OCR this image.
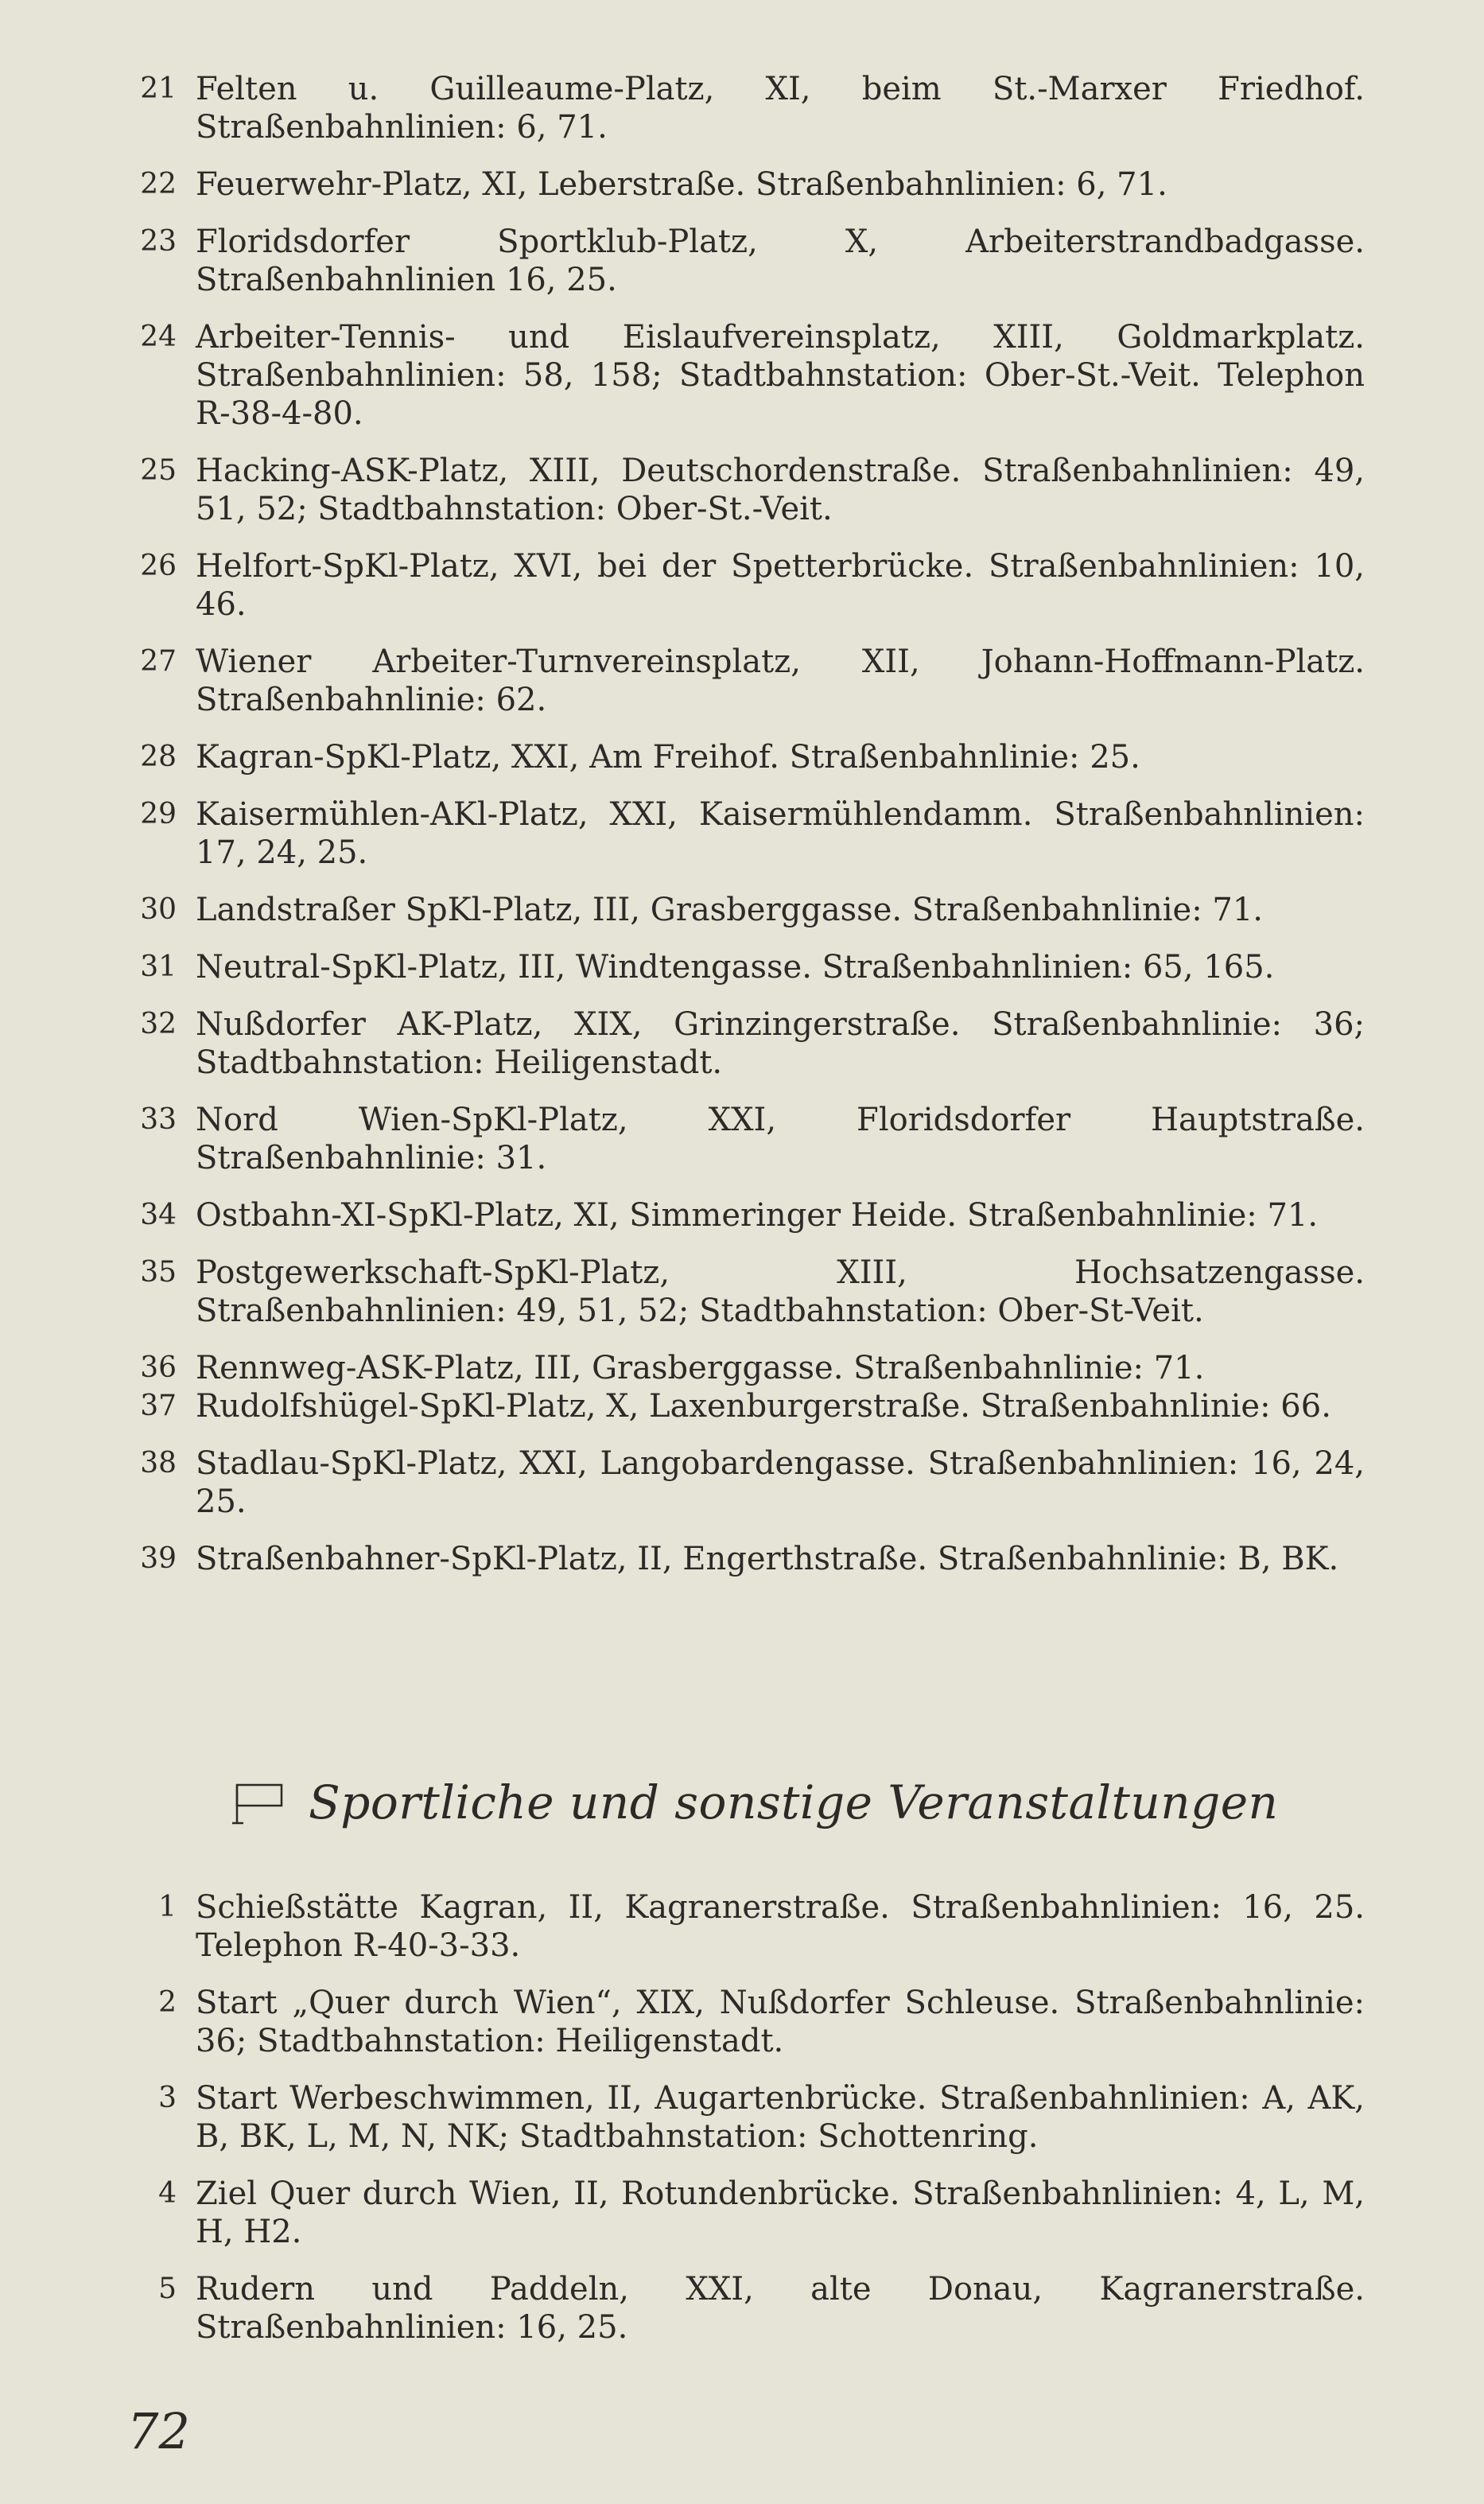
21 Felten u. Guilleaume-Platz, XI, beim St.-Marxer Friedhof. Straßenbahnlinien: 6, 71.
22 Feuerwehr-Platz, XI, Leberstraße. Straßenbahnlinien: 6, 71.
23 Floridsdorfer Sportklub-Platz, X, Arbeiterstrandbadgasse. Straßenbahnlinien 16, 25.
24 Arbeiter-Tennis- und Eislaufvereinsplatz, XIII, Goldmarkplatz. Straßenbahnlinien: 58, 158; Stadtbahnstation: Ober-St.-Veit. Telephon R-38-4-80.
25 Hacking-ASK-Platz, XIII, Deutschordenstraße. Straßenbahnlinien: 49, 51, 52; Stadtbahnstation: Ober-St.-Veit.
26 Helfort-SpKl-Platz, XVI, bei der Spetterbrücke. Straßenbahnlinien: 10, 46.
27 Wiener Arbeiter-Turnvereinsplatz, XII, Johann-Hoffmann-Platz. Straßenbahnlinie: 62.
28 Kagran-SpKl-Platz, XXI, Am Freihof. Straßenbahnlinie: 25.
29 Kaisermühlen-AKl-Platz, XXI, Kaisermühlendamm. Straßenbahnlinien: 17, 24, 25.
30 Landstraßer SpKl-Platz, III, Grasberggasse. Straßenbahnlinie: 71.
31 Neutral-SpKl-Platz, III, Windtengasse. Straßenbahnlinien: 65, 165.
32 Nußdorfer AK-Platz, XIX, Grinzingerstraße. Straßenbahnlinie: 36; Stadtbahnstation: Heiligenstadt.
33 Nord Wien-SpKl-Platz, XXI, Floridsdorfer Hauptstraße. Straßenbahnlinie: 31.
34 Ostbahn-XI-SpKl-Platz, XI, Simmeringer Heide. Straßenbahnlinie: 71.
35 Postgewerkschaft-SpKl-Platz, XIII, Hochsatzengasse. Straßenbahnlinien: 49, 51, 52; Stadtbahnstation: Ober-St-Veit.
36 Rennweg-ASK-Platz, III, Grasberggasse. Straßenbahnlinie: 71.
37 Rudolfshügel-SpKl-Platz, X, Laxenburgerstraße. Straßenbahnlinie: 66.
38 Stadlau-SpKl-Platz, XXI, Langobardengasse. Straßenbahnlinien: 16, 24, 25.
39 Straßenbahner-SpKl-Platz, II, Engerthstraße. Straßenbahnlinie: B, BK.
Sportliche und sonstige Veranstaltungen
1 Schießstätte Kagran, II, Kagranerstraße. Straßenbahnlinien: 16, 25. Telephon R-40-3-33.
2 Start „Quer durch Wien“, XIX, Nußdorfer Schleuse. Straßenbahnlinie: 36; Stadtbahnstation: Heiligenstadt.
3 Start Werbeschwimmen, II, Augartenbrücke. Straßenbahnlinien: A, AK, B, BK, L, M, N, NK; Stadtbahnstation: Schottenring.
4 Ziel Quer durch Wien, II, Rotundenbrücke. Straßenbahnlinien: 4, L, M, H, H2.
5 Rudern und Paddeln, XXI, alte Donau, Kagranerstraße. Straßenbahnlinien: 16, 25.
72
